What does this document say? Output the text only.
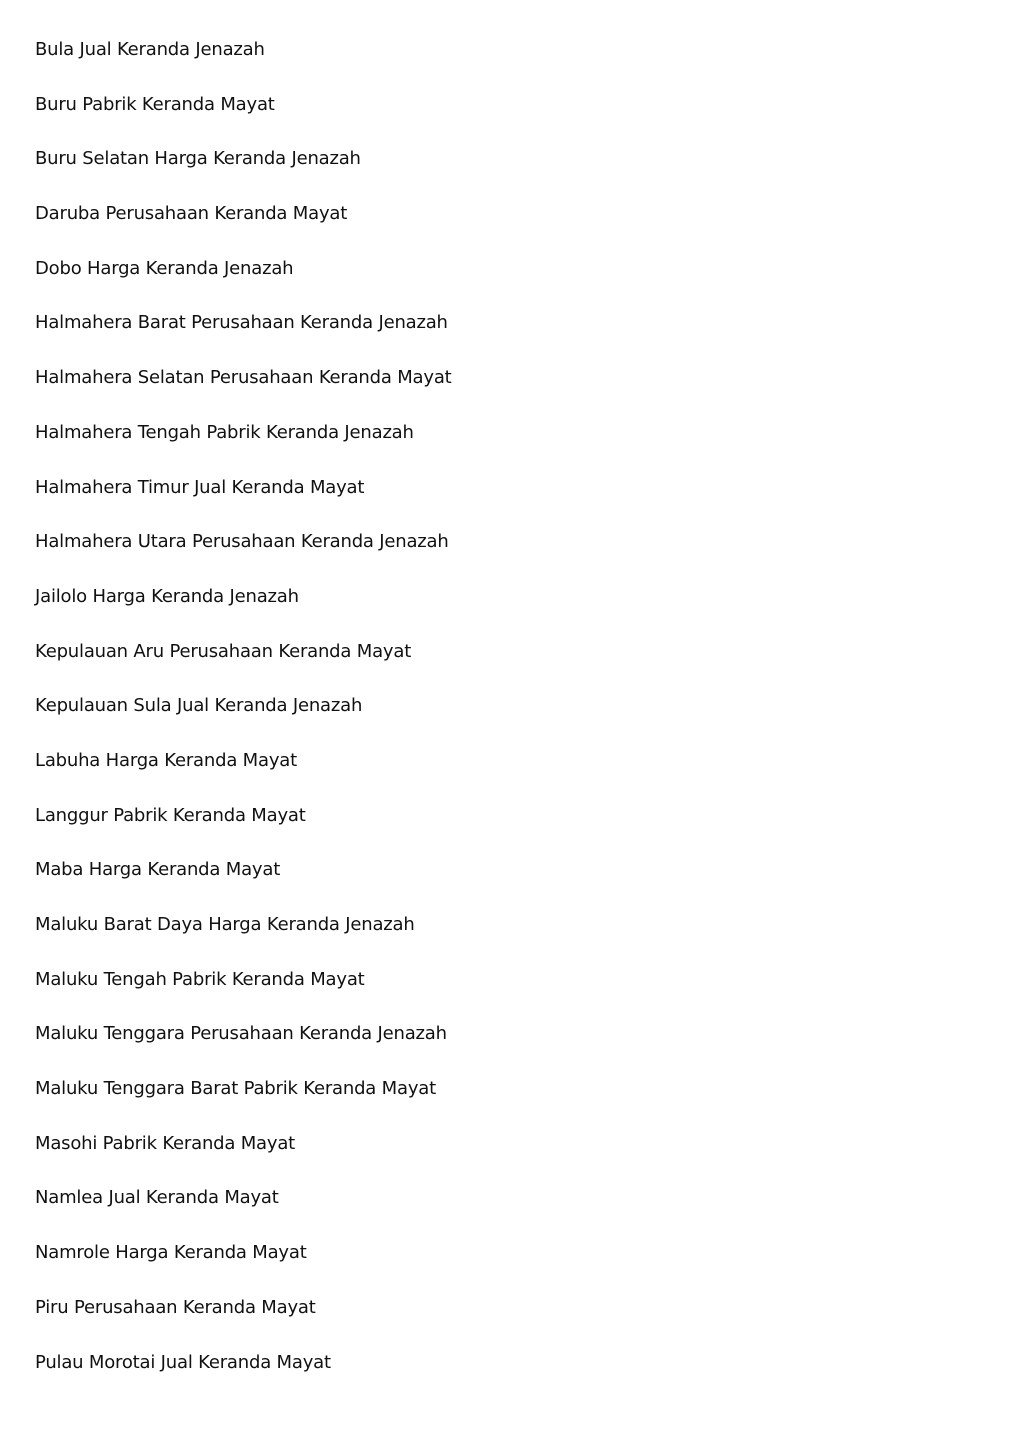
Bula Jual Keranda Jenazah
Buru Pabrik Keranda Mayat
Buru Selatan Harga Keranda Jenazah
Daruba Perusahaan Keranda Mayat
Dobo Harga Keranda Jenazah
Halmahera Barat Perusahaan Keranda Jenazah
Halmahera Selatan Perusahaan Keranda Mayat
Halmahera Tengah Pabrik Keranda Jenazah
Halmahera Timur Jual Keranda Mayat
Halmahera Utara Perusahaan Keranda Jenazah
Jailolo Harga Keranda Jenazah
Kepulauan Aru Perusahaan Keranda Mayat
Kepulauan Sula Jual Keranda Jenazah
Labuha Harga Keranda Mayat
Langgur Pabrik Keranda Mayat
Maba Harga Keranda Mayat
Maluku Barat Daya Harga Keranda Jenazah
Maluku Tengah Pabrik Keranda Mayat
Maluku Tenggara Perusahaan Keranda Jenazah
Maluku Tenggara Barat Pabrik Keranda Mayat
Masohi Pabrik Keranda Mayat
Namlea Jual Keranda Mayat
Namrole Harga Keranda Mayat
Piru Perusahaan Keranda Mayat
Pulau Morotai Jual Keranda Mayat
